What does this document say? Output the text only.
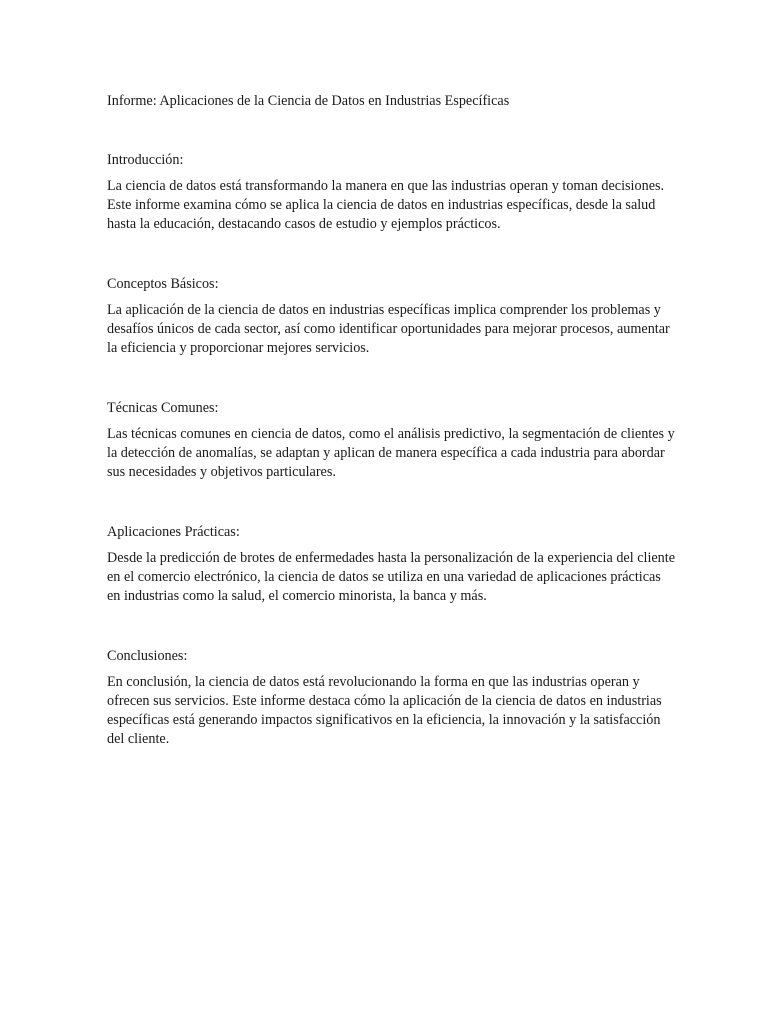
Informe: Aplicaciones de la Ciencia de Datos en Industrias Específicas
Introducción:

La ciencia de datos está transformando la manera en que las industrias operan y toman decisiones.
Este informe examina cómo se aplica la ciencia de datos en industrias específicas, desde la salud
hasta la educación, destacando casos de estudio y ejemplos prácticos.

Conceptos Básicos:

La aplicación de la ciencia de datos en industrias específicas implica comprender los problemas y
desafíos únicos de cada sector, así como identificar oportunidades para mejorar procesos, aumentar
la eficiencia y proporcionar mejores servicios.

Técnicas Comunes:

Las técnicas comunes en ciencia de datos, como el análisis predictivo, la segmentación de clientes y
la detección de anomalías, se adaptan y aplican de manera específica a cada industria para abordar
sus necesidades y objetivos particulares.

Aplicaciones Prácticas:

Desde la predicción de brotes de enfermedades hasta la personalización de la experiencia del cliente
en el comercio electrónico, la ciencia de datos se utiliza en una variedad de aplicaciones prácticas
en industrias como la salud, el comercio minorista, la banca y más.

Conclusiones:

En conclusión, la ciencia de datos está revolucionando la forma en que las industrias operan y
ofrecen sus servicios. Este informe destaca cómo la aplicación de la ciencia de datos en industrias
específicas está generando impactos significativos en la eficiencia, la innovación y la satisfacción
del cliente.
